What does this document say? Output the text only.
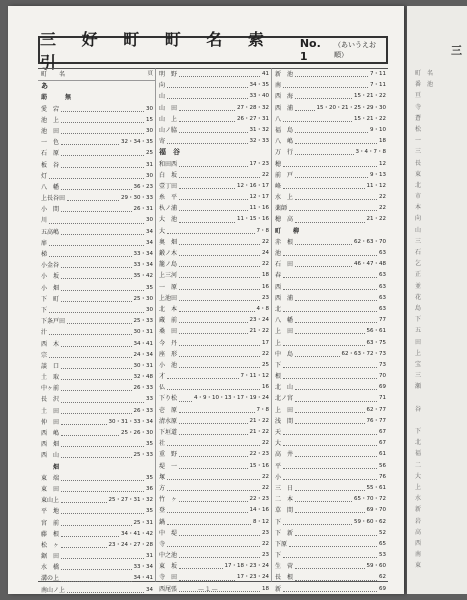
三 好 町 町 名 索 引
No. 1
（あいうえお順）
町　　名	頁
あ
莇　　　無
愛　宕	30
池　上	15
池　田	30
一　色	32・34・35
石　原	25
板　谷	31
灯	30
八　幡	36・23
上長谷田	29・30・33
小　間	26・31
川	30
五高嶋	34
扉	34
梯	33・34
小金谷	33・34
小　坂	35・42
小　畑	35
下　町	25・30
下	30
下条戸田	25・33
汁	30・31
西　木	34・41
宗	24・34
談　口	30・31
土　取	32・48
中ヶ前	26・33
長　沢	33
土　田	26・33
仲　田	30・31・33・34
西　嶋	25・26・30
西　畑	35
西　山	25・33
　　畑
東　端	35
東　田	36
東山上	25・27・31・32
平　地	35
宮　前	25・31
藤　根	34・41・42
松　ヶ	23・24・27・28
鋸　田	31
水　橋	33・34
溝の上	34・41
南山ノ上	34
明　野	41
向	34・35
山	33・40
山　田	27・28・32
山　上	26・27・31
山ノ脇	31・32
寄	32・33
福　谷
和田西	17・23
白　坂	22
壹丁田	12・16・17
糸　平	12・17
杁ノ浦	11・16
大　池	11・15・16
大	7・8
奥　畑	22
鍛ノ木	24
籠ノ島	22
上三河	18
一　原	16
上池田	23
北　本	4・8
蔵　前	23・24
桑　田	21・22
今　丹	17
座　形	22
小　池	25
才	7・11・12
仏	16
下り松	4・9・10・13・17・19・24
壱　原	7・8
清水原	21・22
下垣道	21・22
社	22
重　野	22・23
堤　一	15・16
塚	22
方	22
竹　ヶ	22・23
登	14・16
鍋	8・12
中　堤	23
寺	22
中之池	23
東　坂	17・18・23・24
寺　田	17・23・24
西尾張	18
新　池	7・11
南	7・11
西　海	15・21・22
西　浦	15・20・21・25・29・30
八	15・21・22
福　島	9・10
八　嶋	18
万　行	3・4・7・8
穂	12
前　戸	9・13
峰	11・12
水　上	22
薬師	22
穂　高	21・22
町　　柳
赤　根	62・63・70
池	63
石　田	46・47・48
春	63
西	63
西　浦	63
北	63
八　幡	77
上　田	56・61
上	63・75
中　島	62・63・72・73
下	73
根	70
北　山	69
北ノ宮	71
上　田	62・77
浅　間	76・77
天	67
大	67
高　井	61
平	56
小	76
三　日	55・61
二　本	65・70・72
草　間	69・70
下	59・60・62
下　新	52
下原	65
下	53
生　菅	59・60
長　根	62
新	69
— 1 —
三
町　名
番　池
亘
寺
蒼
松
一
三
長
東
北
市
本
向
山
三
石
乞
正
並
花
島
下
五
田
上
宝
三
瀬

谷

下
北
福
二
大
上
水
新
岩
高
西
南
東
